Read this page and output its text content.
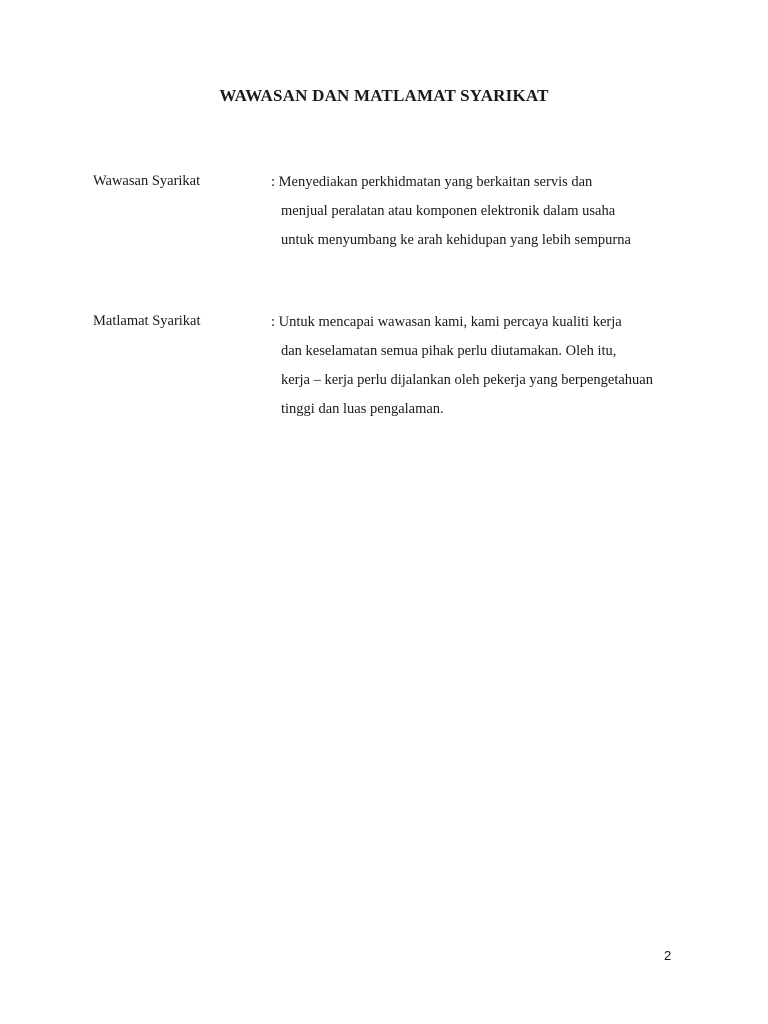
WAWASAN DAN MATLAMAT SYARIKAT
Wawasan Syarikat	: Menyediakan perkhidmatan yang berkaitan servis dan
menjual peralatan atau komponen elektronik dalam usaha
untuk menyumbang ke arah kehidupan yang lebih sempurna
Matlamat Syarikat	: Untuk mencapai wawasan kami, kami percaya kualiti kerja
dan keselamatan semua pihak perlu diutamakan. Oleh itu,
kerja – kerja perlu dijalankan oleh pekerja yang berpengetahuan
tinggi dan luas pengalaman.
2
